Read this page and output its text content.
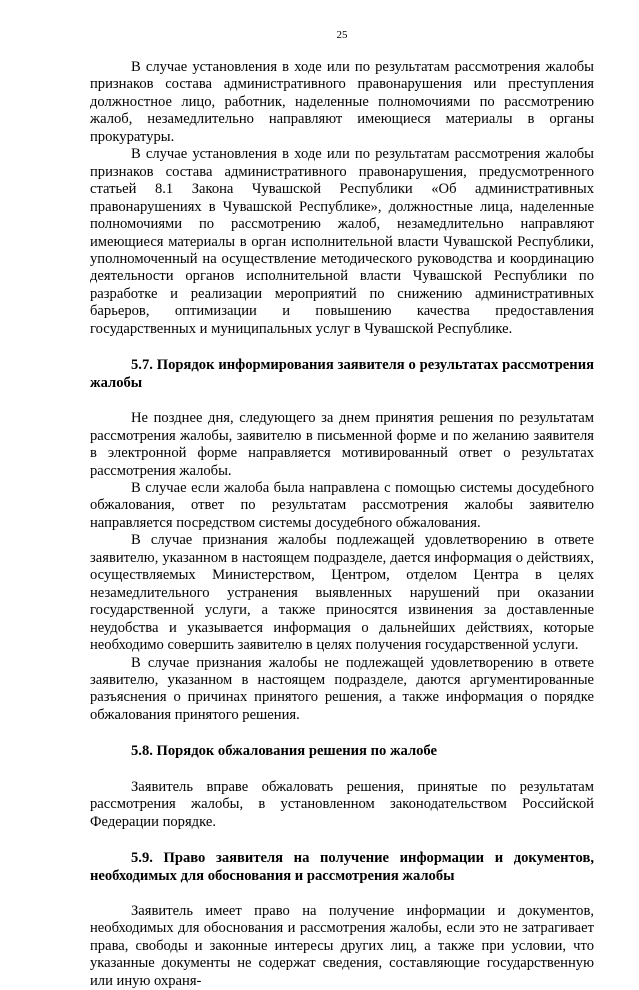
25

В случае установления в ходе или по результатам рассмотрения жалобы признаков состава административного правонарушения или преступления должностное лицо, работник, наделенные полномочиями по рассмотрению жалоб, незамедлительно направляют имеющиеся материалы в органы прокуратуры.

В случае установления в ходе или по результатам рассмотрения жалобы признаков состава административного правонарушения, предусмотренного статьей 8.1 Закона Чувашской Республики «Об административных правонарушениях в Чувашской Республике», должностные лица, наделенные полномочиями по рассмотрению жалоб, незамедлительно направляют имеющиеся материалы в орган исполнительной власти Чувашской Республики, уполномоченный на осуществление методического руководства и координацию деятельности органов исполнительной власти Чувашской Республики по разработке и реализации мероприятий по снижению административных барьеров, оптимизации и повышению качества предоставления государственных и муниципальных услуг в Чувашской Республике.

5.7. Порядок информирования заявителя о результатах рассмотрения жалобы

Не позднее дня, следующего за днем принятия решения по результатам рассмотрения жалобы, заявителю в письменной форме и по желанию заявителя в электронной форме направляется мотивированный ответ о результатах рассмотрения жалобы.

В случае если жалоба была направлена с помощью системы досудебного обжалования, ответ по результатам рассмотрения жалобы заявителю направляется посредством системы досудебного обжалования.

В случае признания жалобы подлежащей удовлетворению в ответе заявителю, указанном в настоящем подразделе, дается информация о действиях, осуществляемых Министерством, Центром, отделом Центра в целях незамедлительного устранения выявленных нарушений при оказании государственной услуги, а также приносятся извинения за доставленные неудобства и указывается информация о дальнейших действиях, которые необходимо совершить заявителю в целях получения государственной услуги.

В случае признания жалобы не подлежащей удовлетворению в ответе заявителю, указанном в настоящем подразделе, даются аргументированные разъяснения о причинах принятого решения, а также информация о порядке обжалования принятого решения.

5.8. Порядок обжалования решения по жалобе

Заявитель вправе обжаловать решения, принятые по результатам рассмотрения жалобы, в установленном законодательством Российской Федерации порядке.

5.9. Право заявителя на получение информации и документов, необходимых для обоснования и рассмотрения жалобы

Заявитель имеет право на получение информации и документов, необходимых для обоснования и рассмотрения жалобы, если это не затрагивает права, свободы и законные интересы других лиц, а также при условии, что указанные документы не содержат сведения, составляющие государственную или иную охраня-
